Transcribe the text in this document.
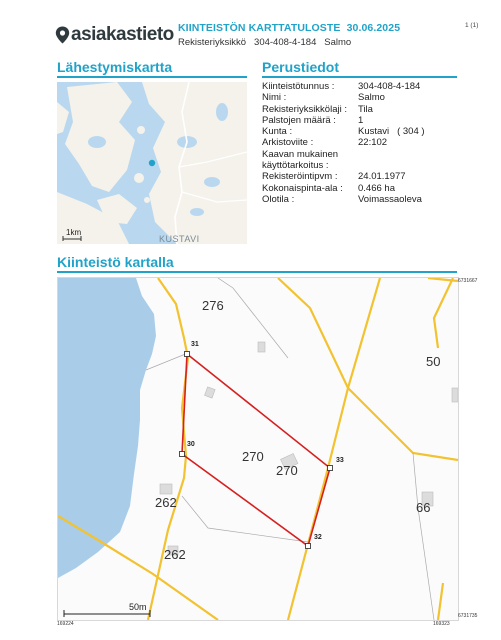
asiakastieto KIINTEISTÖN KARTTATULOSTE 30.06.2025
Rekisteriyksikkö 304-408-4-184 Salmo
1 (1)
Lähestymiskartta
KUSTAVI
1km
Perustiedot
Kiinteistötunnus :	304-408-4-184
Nimi :	Salmo
Rekisteriyksikkölaji :	Tila
Palstojen määrä :	1
Kunta :	Kustavi   ( 304 )
Arkistoviite :	22:102
Kaavan mukainen käyttötarkoitus :
Rekisteröintipvm :	24.01.1977
Kokonaispinta-ala :	0.466 ha
Olotila :	Voimassaoleva
Kiinteistö kartalla
276
50
270
270
262
262
66
31
30
33
32
50m
6731667
6731735
169224	169323
